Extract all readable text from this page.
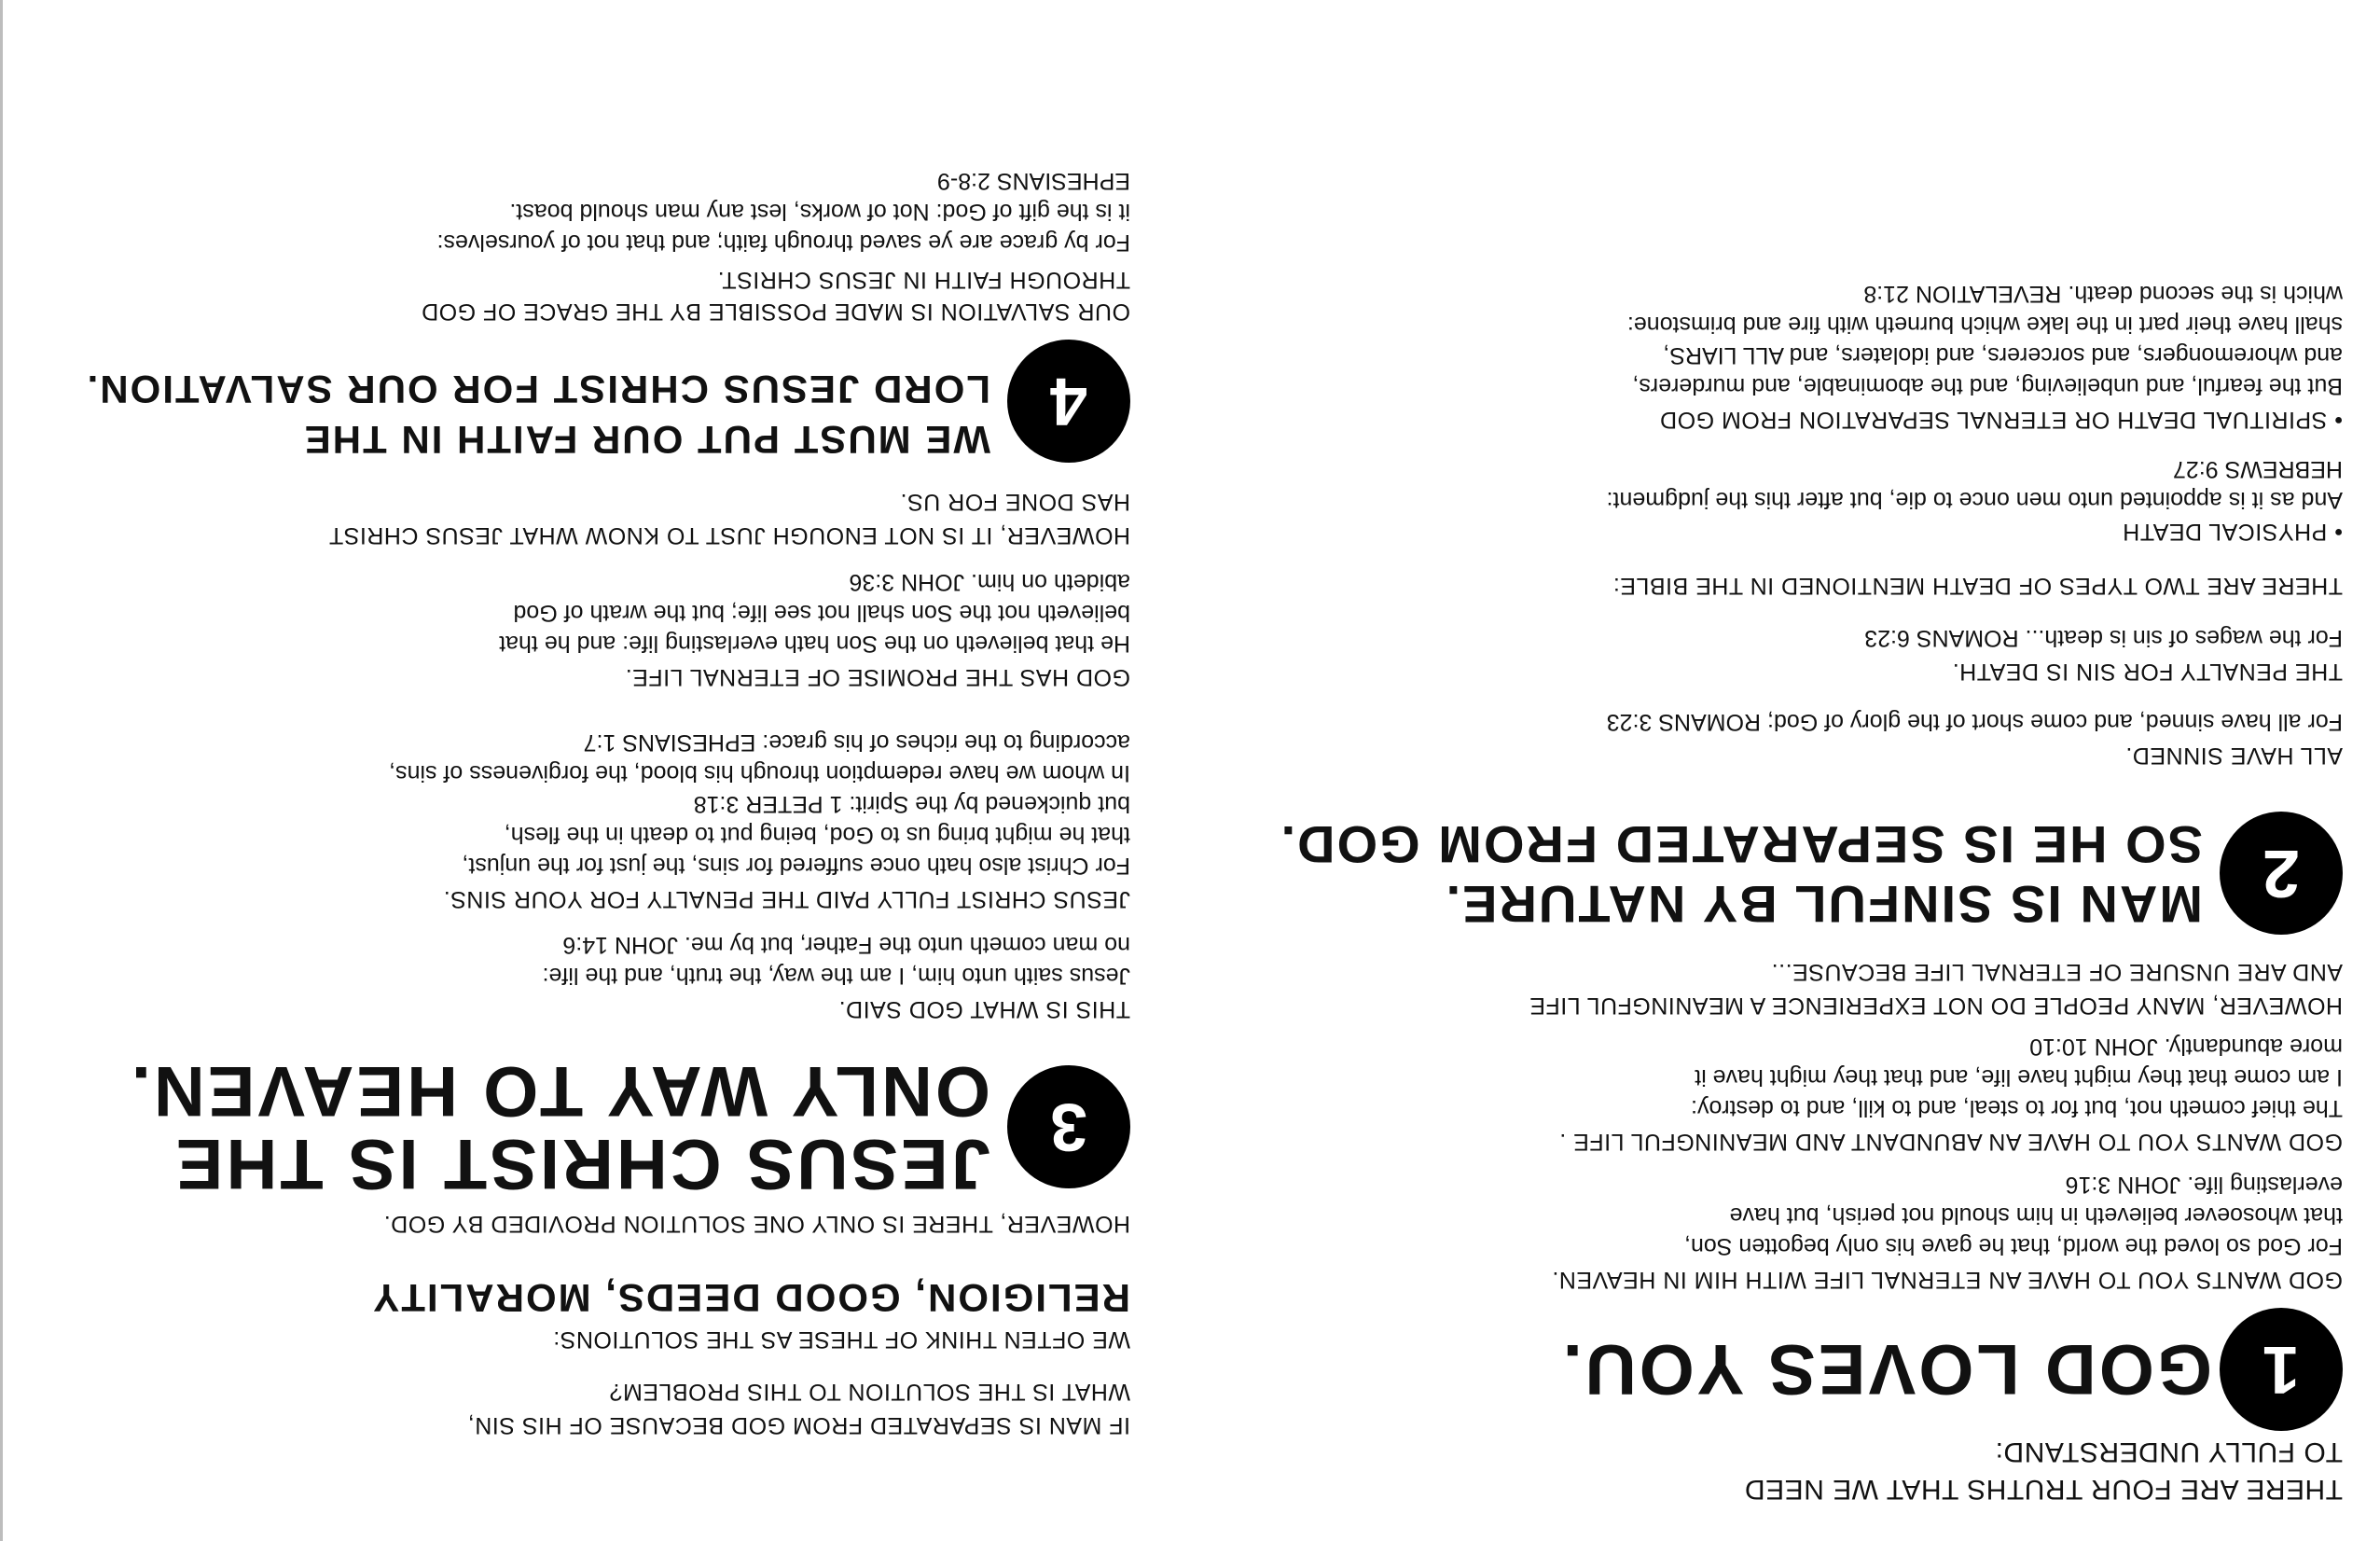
THERE ARE FOUR TRUTHS THAT WE NEED TO FULLY UNDERSTAND:
1
GOD LOVES YOU.
GOD WANTS YOU TO HAVE AN ETERNAL LIFE WITH HIM IN HEAVEN.
For God so loved the world, that he gave his only begotten Son,
that whosoever believeth in him should not perish, but have
everlasting life. JOHN 3:16
GOD WANTS YOU TO HAVE AN ABUNDANT AND MEANINGFUL LIFE .
The thief cometh not, but for to steal, and to kill, and to destroy:
I am come that they might have life, and that they might have it
more abundantly. JOHN 10:10
HOWEVER, MANY PEOPLE DO NOT EXPERIENCE A MEANINGFUL LIFE
AND ARE UNSURE OF ETERNAL LIFE BECAUSE...
2
MAN IS SINFUL BY NATURE.
SO HE IS SEPARATED FROM GOD.
ALL HAVE SINNED.
For all have sinned, and come short of the glory of God; ROMANS 3:23
THE PENALTY FOR SIN IS DEATH.
For the wages of sin is death... ROMANS 6:23
THERE ARE TWO TYPES OF DEATH MENTIONED IN THE BIBLE:
• PHYSICAL DEATH
And as it is appointed unto men once to die, but after this the judgment:
HEBREWS 9:27
• SPIRITUAL DEATH OR ETERNAL SEPARATION FROM GOD
But the fearful, and unbelieving, and the abominable, and murderers,
and whoremongers, and sorcerers, and idolaters, and ALL LIARS,
shall have their part in the lake which burneth with fire and brimstone:
which is the second death. REVELATION 21:8
IF MAN IS SEPARATED FROM GOD BECAUSE OF HIS SIN,
WHAT IS THE SOLUTION TO THIS PROBLEM?
WE OFTEN THINK OF THESE AS THE SOLUTIONS:
RELIGION, GOOD DEEDS, MORALITY
HOWEVER, THERE IS ONLY ONE SOLUTION PROVIDED BY GOD.
3
JESUS CHRIST IS THE
ONLY WAY TO HEAVEN.
THIS IS WHAT GOD SAID.
Jesus saith unto him, I am the way, the truth, and the life:
no man cometh unto the Father, but by me. JOHN 14:6
JESUS CHRIST FULLY PAID THE PENALTY FOR YOUR SINS.
For Christ also hath once suffered for sins, the just for the unjust,
that he might bring us to God, being put to death in the flesh,
but quickened by the Spirit: 1 PETER 3:18
In whom we have redemption through his blood, the forgiveness of sins,
according to the riches of his grace: EPHESIANS 1:7
GOD HAS THE PROMISE OF ETERNAL LIFE.
He that believeth on the Son hath everlasting life: and he that
believeth not the Son shall not see life; but the wrath of God
abideth on him. JOHN 3:36
HOWEVER, IT IS NOT ENOUGH JUST TO KNOW WHAT JESUS CHRIST
HAS DONE FOR US.
4
WE MUST PUT OUR FAITH IN THE
LORD JESUS CHRIST FOR OUR SALVATION.
OUR SALVATION IS MADE POSSIBLE BY THE GRACE OF GOD
THROUGH FAITH IN JESUS CHRIST.
For by grace are ye saved through faith; and that not of yourselves:
it is the gift of God: Not of works, lest any man should boast.
EPHESIANS 2:8-9
